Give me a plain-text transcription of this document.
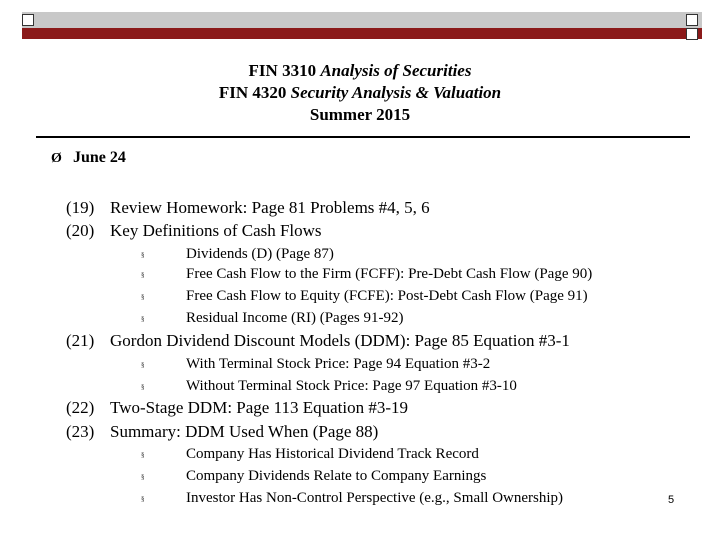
FIN 3310 Analysis of Securities
FIN 4320 Security Analysis & Valuation
Summer 2015
Ø June 24
(19) Review Homework: Page 81 Problems #4, 5, 6
(20) Key Definitions of Cash Flows
§	Dividends (D) (Page 87)
§	Free Cash Flow to the Firm (FCFF): Pre-Debt Cash Flow (Page 90)
§	Free Cash Flow to Equity (FCFE): Post-Debt Cash Flow (Page 91)
§	Residual Income (RI) (Pages 91-92)
(21) Gordon Dividend Discount Models (DDM): Page 85 Equation #3-1
§	With Terminal Stock Price: Page 94 Equation #3-2
§	Without Terminal Stock Price: Page 97 Equation #3-10
(22) Two-Stage DDM: Page 113 Equation #3-19
(23) Summary: DDM Used When (Page 88)
§	Company Has Historical Dividend Track Record
§	Company Dividends Relate to Company Earnings
§	Investor Has Non-Control Perspective (e.g., Small Ownership)	5
